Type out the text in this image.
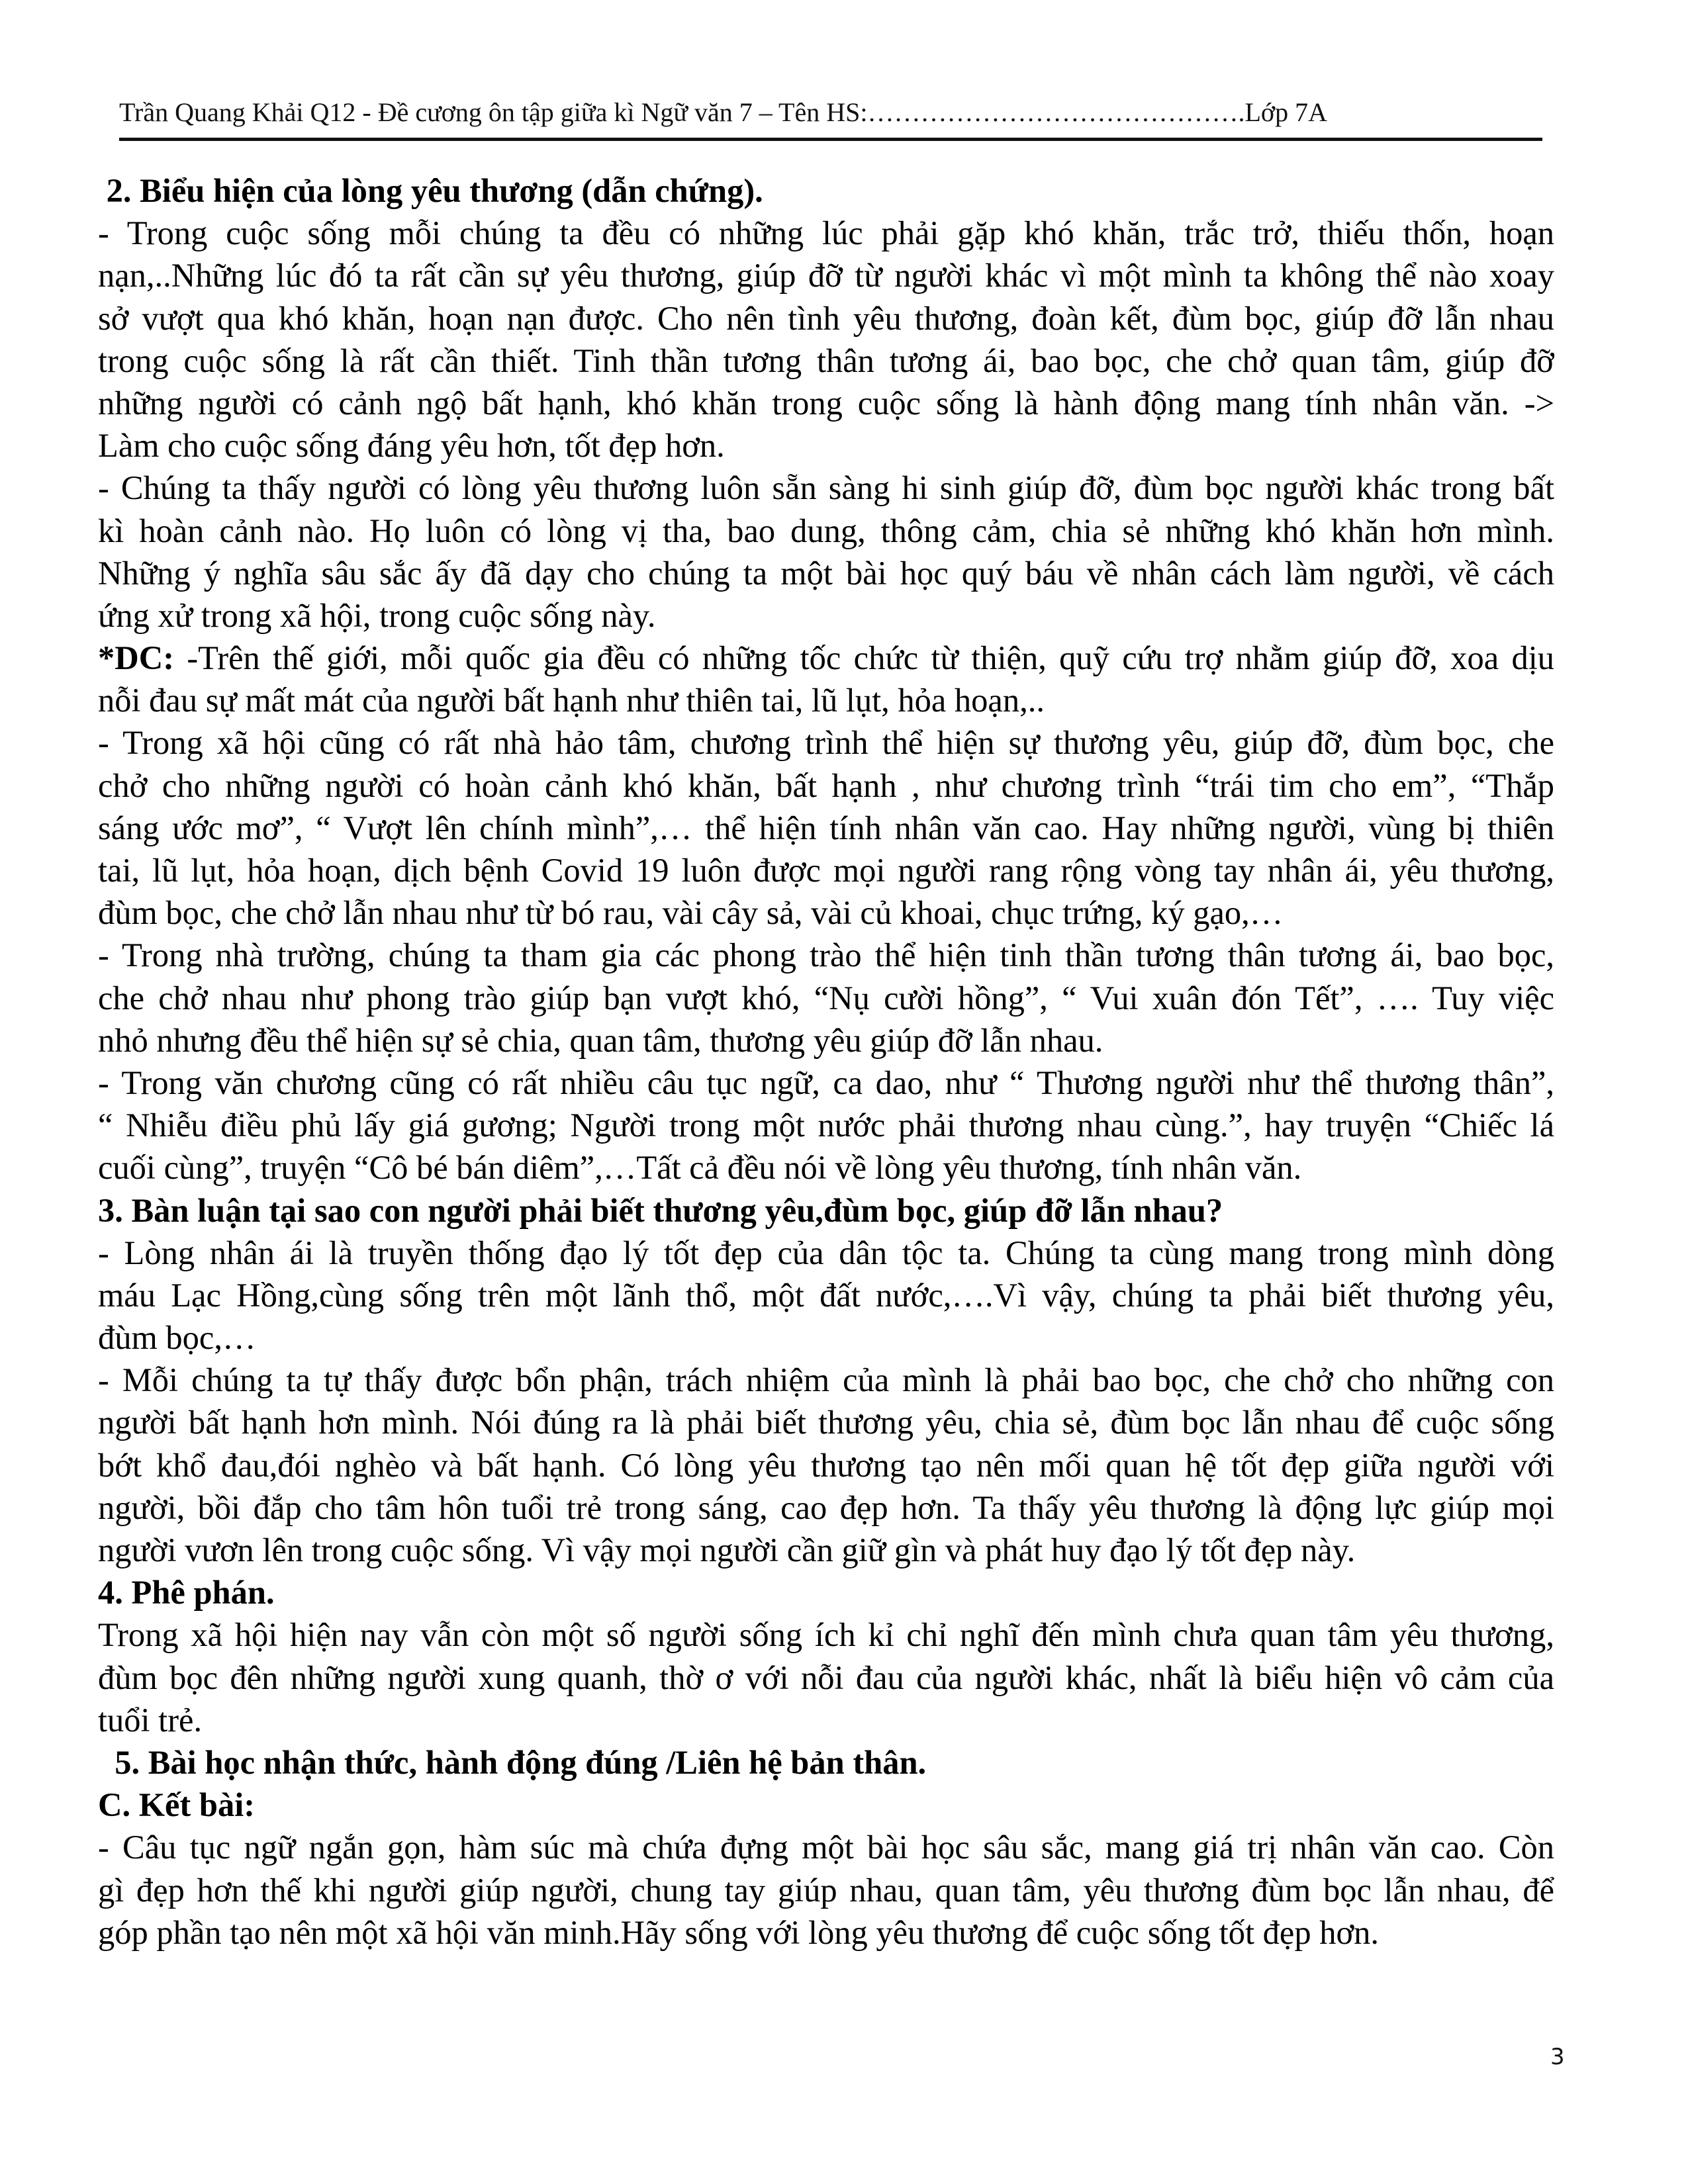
Trần Quang Khải Q12 - Đề cương ôn tập giữa kì Ngữ văn 7 – Tên HS:…………………………………….Lớp 7A
2. Biểu hiện của lòng yêu thương (dẫn chứng).
- Trong cuộc sống mỗi chúng ta đều có những lúc phải gặp khó khăn, trắc trở, thiếu thốn, hoạn
nạn,..Những lúc đó ta rất cần sự yêu thương, giúp đỡ từ người khác vì một mình ta không thể nào xoay
sở vượt qua khó khăn, hoạn nạn được. Cho nên tình yêu thương, đoàn kết, đùm bọc, giúp đỡ lẫn nhau
trong cuộc sống là rất cần thiết. Tinh thần tương thân tương ái, bao bọc, che chở quan tâm, giúp đỡ
những người có cảnh ngộ bất hạnh, khó khăn trong cuộc sống là hành động mang tính nhân văn. ->
Làm cho cuộc sống đáng yêu hơn, tốt đẹp hơn.
- Chúng ta thấy người có lòng yêu thương luôn sẵn sàng hi sinh giúp đỡ, đùm bọc người khác trong bất
kì hoàn cảnh nào. Họ luôn có lòng vị tha, bao dung, thông cảm, chia sẻ những khó khăn hơn mình.
Những ý nghĩa sâu sắc ấy đã dạy cho chúng ta một bài học quý báu về nhân cách làm người, về cách
ứng xử trong xã hội, trong cuộc sống này.
*DC: -Trên thế giới, mỗi quốc gia đều có những tốc chức từ thiện, quỹ cứu trợ nhằm giúp đỡ, xoa dịu
nỗi đau sự mất mát của người bất hạnh như thiên tai, lũ lụt, hỏa hoạn,..
- Trong xã hội cũng có rất nhà hảo tâm, chương trình thể hiện sự thương yêu, giúp đỡ, đùm bọc, che
chở cho những người có hoàn cảnh khó khăn, bất hạnh , như chương trình “trái tim cho em”, “Thắp
sáng ước mơ”, “ Vượt lên chính mình”,… thể hiện tính nhân văn cao. Hay những người, vùng bị thiên
tai, lũ lụt, hỏa hoạn, dịch bệnh Covid 19 luôn được mọi người rang rộng vòng tay nhân ái, yêu thương,
đùm bọc, che chở lẫn nhau như từ bó rau, vài cây sả, vài củ khoai, chục trứng, ký gạo,…
- Trong nhà trường, chúng ta tham gia các phong trào thể hiện tinh thần tương thân tương ái, bao bọc,
che chở nhau như phong trào giúp bạn vượt khó, “Nụ cười hồng”, “ Vui xuân đón Tết”, …. Tuy việc
nhỏ nhưng đều thể hiện sự sẻ chia, quan tâm, thương yêu giúp đỡ lẫn nhau.
- Trong văn chương cũng có rất nhiều câu tục ngữ, ca dao, như “ Thương người như thể thương thân”,
“ Nhiễu điều phủ lấy giá gương; Người trong một nước phải thương nhau cùng.”, hay truyện “Chiếc lá
cuối cùng”, truyện “Cô bé bán diêm”,…Tất cả đều nói về lòng yêu thương, tính nhân văn.
3. Bàn luận tại sao con người phải biết thương yêu,đùm bọc, giúp đỡ lẫn nhau?
- Lòng nhân ái là truyền thống đạo lý tốt đẹp của dân tộc ta. Chúng ta cùng mang trong mình dòng
máu Lạc Hồng,cùng sống trên một lãnh thổ, một đất nước,….Vì vậy, chúng ta phải biết thương yêu,
đùm bọc,…
- Mỗi chúng ta tự thấy được bổn phận, trách nhiệm của mình là phải bao bọc, che chở cho những con
người bất hạnh hơn mình. Nói đúng ra là phải biết thương yêu, chia sẻ, đùm bọc lẫn nhau để cuộc sống
bớt khổ đau,đói nghèo và bất hạnh. Có lòng yêu thương tạo nên mối quan hệ tốt đẹp giữa người với
người, bồi đắp cho tâm hôn tuổi trẻ trong sáng, cao đẹp hơn. Ta thấy yêu thương là động lực giúp mọi
người vươn lên trong cuộc sống. Vì vậy mọi người cần giữ gìn và phát huy đạo lý tốt đẹp này.
4. Phê phán.
Trong xã hội hiện nay vẫn còn một số người sống ích kỉ chỉ nghĩ đến mình chưa quan tâm yêu thương,
đùm bọc đên những người xung quanh, thờ ơ với nỗi đau của người khác, nhất là biểu hiện vô cảm của
tuổi trẻ.
5. Bài học nhận thức, hành động đúng /Liên hệ bản thân.
C. Kết bài:
- Câu tục ngữ ngắn gọn, hàm súc mà chứa đựng một bài học sâu sắc, mang giá trị nhân văn cao. Còn
gì đẹp hơn thế khi người giúp người, chung tay giúp nhau, quan tâm, yêu thương đùm bọc lẫn nhau, để
góp phần tạo nên một xã hội văn minh.Hãy sống với lòng yêu thương để cuộc sống tốt đẹp hơn.
3
